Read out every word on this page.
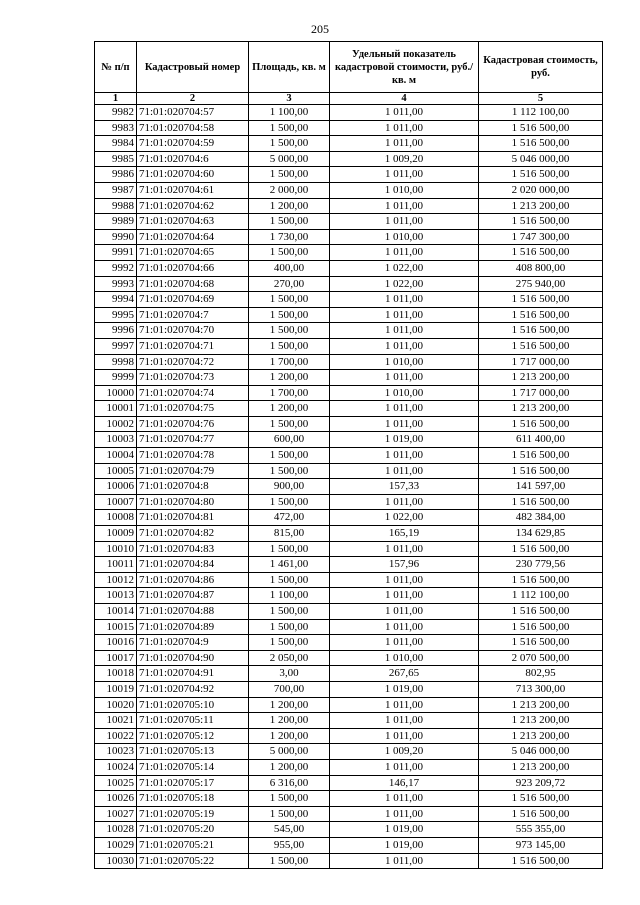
205
№ п/п	Кадастровый номер	Площадь, кв. м	Удельный показатель кадастровой стоимости, руб./кв. м	Кадастровая стоимость, руб.
1	2	3	4	5
9982	71:01:020704:57	1 100,00	1 011,00	1 112 100,00
9983	71:01:020704:58	1 500,00	1 011,00	1 516 500,00
9984	71:01:020704:59	1 500,00	1 011,00	1 516 500,00
9985	71:01:020704:6	5 000,00	1 009,20	5 046 000,00
9986	71:01:020704:60	1 500,00	1 011,00	1 516 500,00
9987	71:01:020704:61	2 000,00	1 010,00	2 020 000,00
9988	71:01:020704:62	1 200,00	1 011,00	1 213 200,00
9989	71:01:020704:63	1 500,00	1 011,00	1 516 500,00
9990	71:01:020704:64	1 730,00	1 010,00	1 747 300,00
9991	71:01:020704:65	1 500,00	1 011,00	1 516 500,00
9992	71:01:020704:66	400,00	1 022,00	408 800,00
9993	71:01:020704:68	270,00	1 022,00	275 940,00
9994	71:01:020704:69	1 500,00	1 011,00	1 516 500,00
9995	71:01:020704:7	1 500,00	1 011,00	1 516 500,00
9996	71:01:020704:70	1 500,00	1 011,00	1 516 500,00
9997	71:01:020704:71	1 500,00	1 011,00	1 516 500,00
9998	71:01:020704:72	1 700,00	1 010,00	1 717 000,00
9999	71:01:020704:73	1 200,00	1 011,00	1 213 200,00
10000	71:01:020704:74	1 700,00	1 010,00	1 717 000,00
10001	71:01:020704:75	1 200,00	1 011,00	1 213 200,00
10002	71:01:020704:76	1 500,00	1 011,00	1 516 500,00
10003	71:01:020704:77	600,00	1 019,00	611 400,00
10004	71:01:020704:78	1 500,00	1 011,00	1 516 500,00
10005	71:01:020704:79	1 500,00	1 011,00	1 516 500,00
10006	71:01:020704:8	900,00	157,33	141 597,00
10007	71:01:020704:80	1 500,00	1 011,00	1 516 500,00
10008	71:01:020704:81	472,00	1 022,00	482 384,00
10009	71:01:020704:82	815,00	165,19	134 629,85
10010	71:01:020704:83	1 500,00	1 011,00	1 516 500,00
10011	71:01:020704:84	1 461,00	157,96	230 779,56
10012	71:01:020704:86	1 500,00	1 011,00	1 516 500,00
10013	71:01:020704:87	1 100,00	1 011,00	1 112 100,00
10014	71:01:020704:88	1 500,00	1 011,00	1 516 500,00
10015	71:01:020704:89	1 500,00	1 011,00	1 516 500,00
10016	71:01:020704:9	1 500,00	1 011,00	1 516 500,00
10017	71:01:020704:90	2 050,00	1 010,00	2 070 500,00
10018	71:01:020704:91	3,00	267,65	802,95
10019	71:01:020704:92	700,00	1 019,00	713 300,00
10020	71:01:020705:10	1 200,00	1 011,00	1 213 200,00
10021	71:01:020705:11	1 200,00	1 011,00	1 213 200,00
10022	71:01:020705:12	1 200,00	1 011,00	1 213 200,00
10023	71:01:020705:13	5 000,00	1 009,20	5 046 000,00
10024	71:01:020705:14	1 200,00	1 011,00	1 213 200,00
10025	71:01:020705:17	6 316,00	146,17	923 209,72
10026	71:01:020705:18	1 500,00	1 011,00	1 516 500,00
10027	71:01:020705:19	1 500,00	1 011,00	1 516 500,00
10028	71:01:020705:20	545,00	1 019,00	555 355,00
10029	71:01:020705:21	955,00	1 019,00	973 145,00
10030	71:01:020705:22	1 500,00	1 011,00	1 516 500,00
